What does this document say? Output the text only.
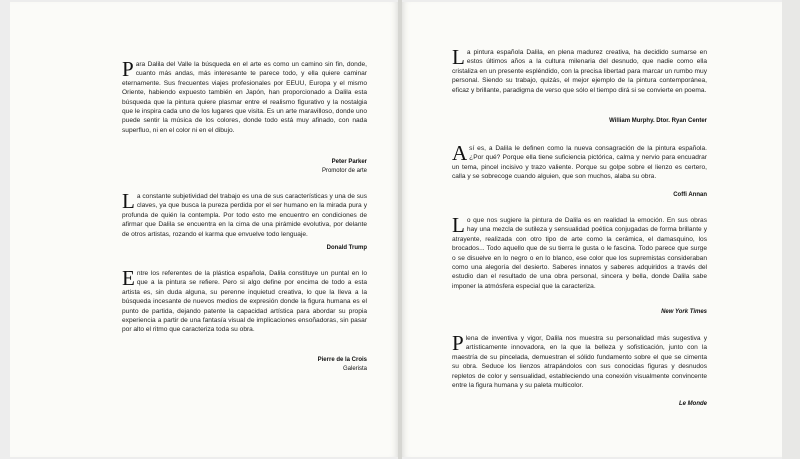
Para Dalila del Valle la búsqueda en el arte es como un camino sin fin, donde, cuanto más andas, más interesante te parece todo, y ella quiere caminar eternamente. Sus frecuentes viajes profesionales por EEUU, Europa y el mismo Oriente, habiendo expuesto también en Japón, han proporcionado a Dalila esta búsqueda que la pintura quiere plasmar entre el realismo figurativo y la nostalgia que le inspira cada uno de los lugares que visita. Es un arte maravilloso, donde uno puede sentir la música de los colores, donde todo está muy afinado, con nada superfluo, ni en el color ni en el dibujo.

Peter Parker
Promotor de arte

La constante subjetividad del trabajo es una de sus características y una de sus claves, ya que busca la pureza perdida por el ser humano en la mirada pura y profunda de quién la contempla. Por todo esto me encuentro en condiciones de afirmar que Dalila se encuentra en la cima de una pirámide evolutiva, por delante de otros artistas, rozando el karma que envuelve todo lenguaje.

Donald Trump

Entre los referentes de la plástica española, Dalila constituye un puntal en lo que a la pintura se refiere. Pero si algo define por encima de todo a esta artista es, sin duda alguna, su perenne inquietud creativa, lo que la lleva a la búsqueda incesante de nuevos medios de expresión donde la figura humana es el punto de partida, dejando patente la capacidad artística para abordar su propia experiencia a partir de una fantasía visual de implicaciones ensoñadoras, sin pasar por alto el ritmo que caracteriza toda su obra.

Pierre de la Crois
Galerista

La pintura española Dalila, en plena madurez creativa, ha decidido sumarse en estos últimos años a la cultura milenaria del desnudo, que nadie como ella cristaliza en un presente espléndido, con la precisa libertad para marcar un rumbo muy personal. Siendo su trabajo, quizás, el mejor ejemplo de la pintura contemporánea, eficaz y brillante, paradigma de verso que sólo el tiempo dirá si se convierte en poema.

William Murphy. Dtor. Ryan Center

Así es, a Dalila le definen como la nueva consagración de la pintura española. ¿Por qué? Porque ella tiene suficiencia pictórica, calma y nervio para encuadrar un tema, pincel incisivo y trazo valiente. Porque su golpe sobre el lienzo es certero, calla y se sobrecoge cuando alguien, que son muchos, alaba su obra.

Coffi Annan

Lo que nos sugiere la pintura de Dalila es en realidad la emoción. En sus obras hay una mezcla de sutileza y sensualidad poética conjugadas de forma brillante y atrayente, realizada con otro tipo de arte como la cerámica, el damasquino, los brocados... Todo aquello que de su tierra le gusta o le fascina. Todo parece que surge o se disuelve en lo negro o en lo blanco, ese color que los supremistas consideraban como una alegoría del desierto. Saberes innatos y saberes adquiridos a través del estudio dan el resultado de una obra personal, sincera y bella, donde Dalila sabe imponer la atmósfera especial que la caracteriza.

New York Times

Plena de inventiva y vigor, Dalila nos muestra su personalidad más sugestiva y artísticamente innovadora, en la que la belleza y sofisticación, junto con la maestría de su pincelada, demuestran el sólido fundamento sobre el que se cimenta su obra. Seduce los lienzos atrapándolos con sus conocidas figuras y desnudos repletos de color y sensualidad, estableciendo una conexión visualmente convincente entre la figura humana y su paleta multicolor.

Le Monde
